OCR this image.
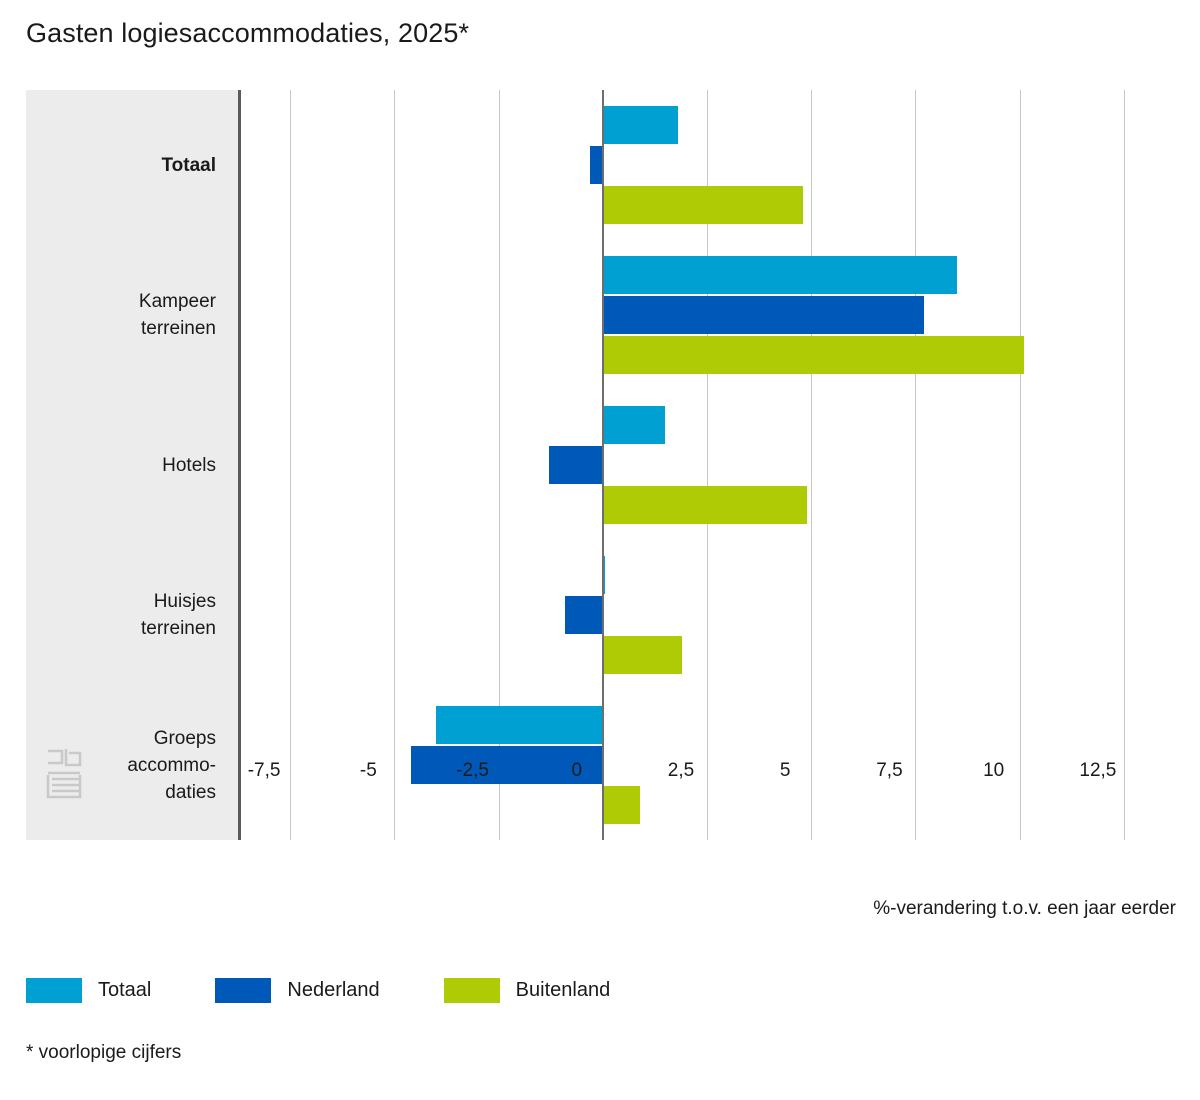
Gasten logiesaccommodaties, 2025*
Totaal
Kampeer
terreinen
Hotels
Huisjes
terreinen
Groeps
accommo-
daties
-7,5	-5	-2,5	0	2,5	5	7,5	10	12,5
%-verandering t.o.v. een jaar eerder
Totaal	Nederland	Buitenland
* voorlopige cijfers
